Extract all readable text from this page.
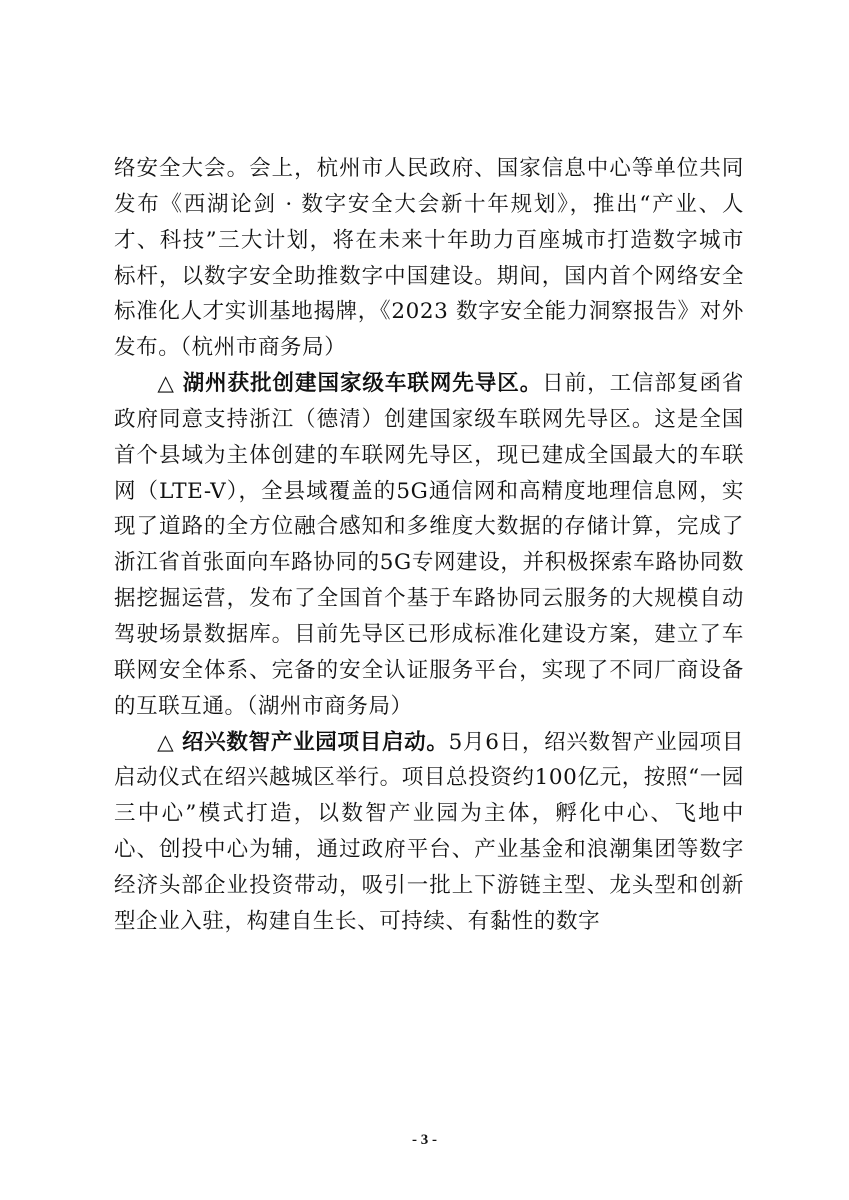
络安全大会。会上，杭州市人民政府、国家信息中心等单位共同发布《西湖论剑 · 数字安全大会新十年规划》，推出“产业、人才、科技”三大计划，将在未来十年助力百座城市打造数字城市标杆，以数字安全助推数字中国建设。期间，国内首个网络安全标准化人才实训基地揭牌，《2023 数字安全能力洞察报告》对外发布。（杭州市商务局）

△ 湖州获批创建国家级车联网先导区。日前，工信部复函省政府同意支持浙江（德清）创建国家级车联网先导区。这是全国首个县域为主体创建的车联网先导区，现已建成全国最大的车联网（LTE-V），全县域覆盖的5G通信网和高精度地理信息网，实现了道路的全方位融合感知和多维度大数据的存储计算，完成了浙江省首张面向车路协同的5G专网建设，并积极探索车路协同数据挖掘运营，发布了全国首个基于车路协同云服务的大规模自动驾驶场景数据库。目前先导区已形成标准化建设方案，建立了车联网安全体系、完备的安全认证服务平台，实现了不同厂商设备的互联互通。（湖州市商务局）

△ 绍兴数智产业园项目启动。5月6日，绍兴数智产业园项目启动仪式在绍兴越城区举行。项目总投资约100亿元，按照“一园三中心”模式打造，以数智产业园为主体，孵化中心、飞地中心、创投中心为辅，通过政府平台、产业基金和浪潮集团等数字经济头部企业投资带动，吸引一批上下游链主型、龙头型和创新型企业入驻，构建自生长、可持续、有黏性的数字

- 3 -
